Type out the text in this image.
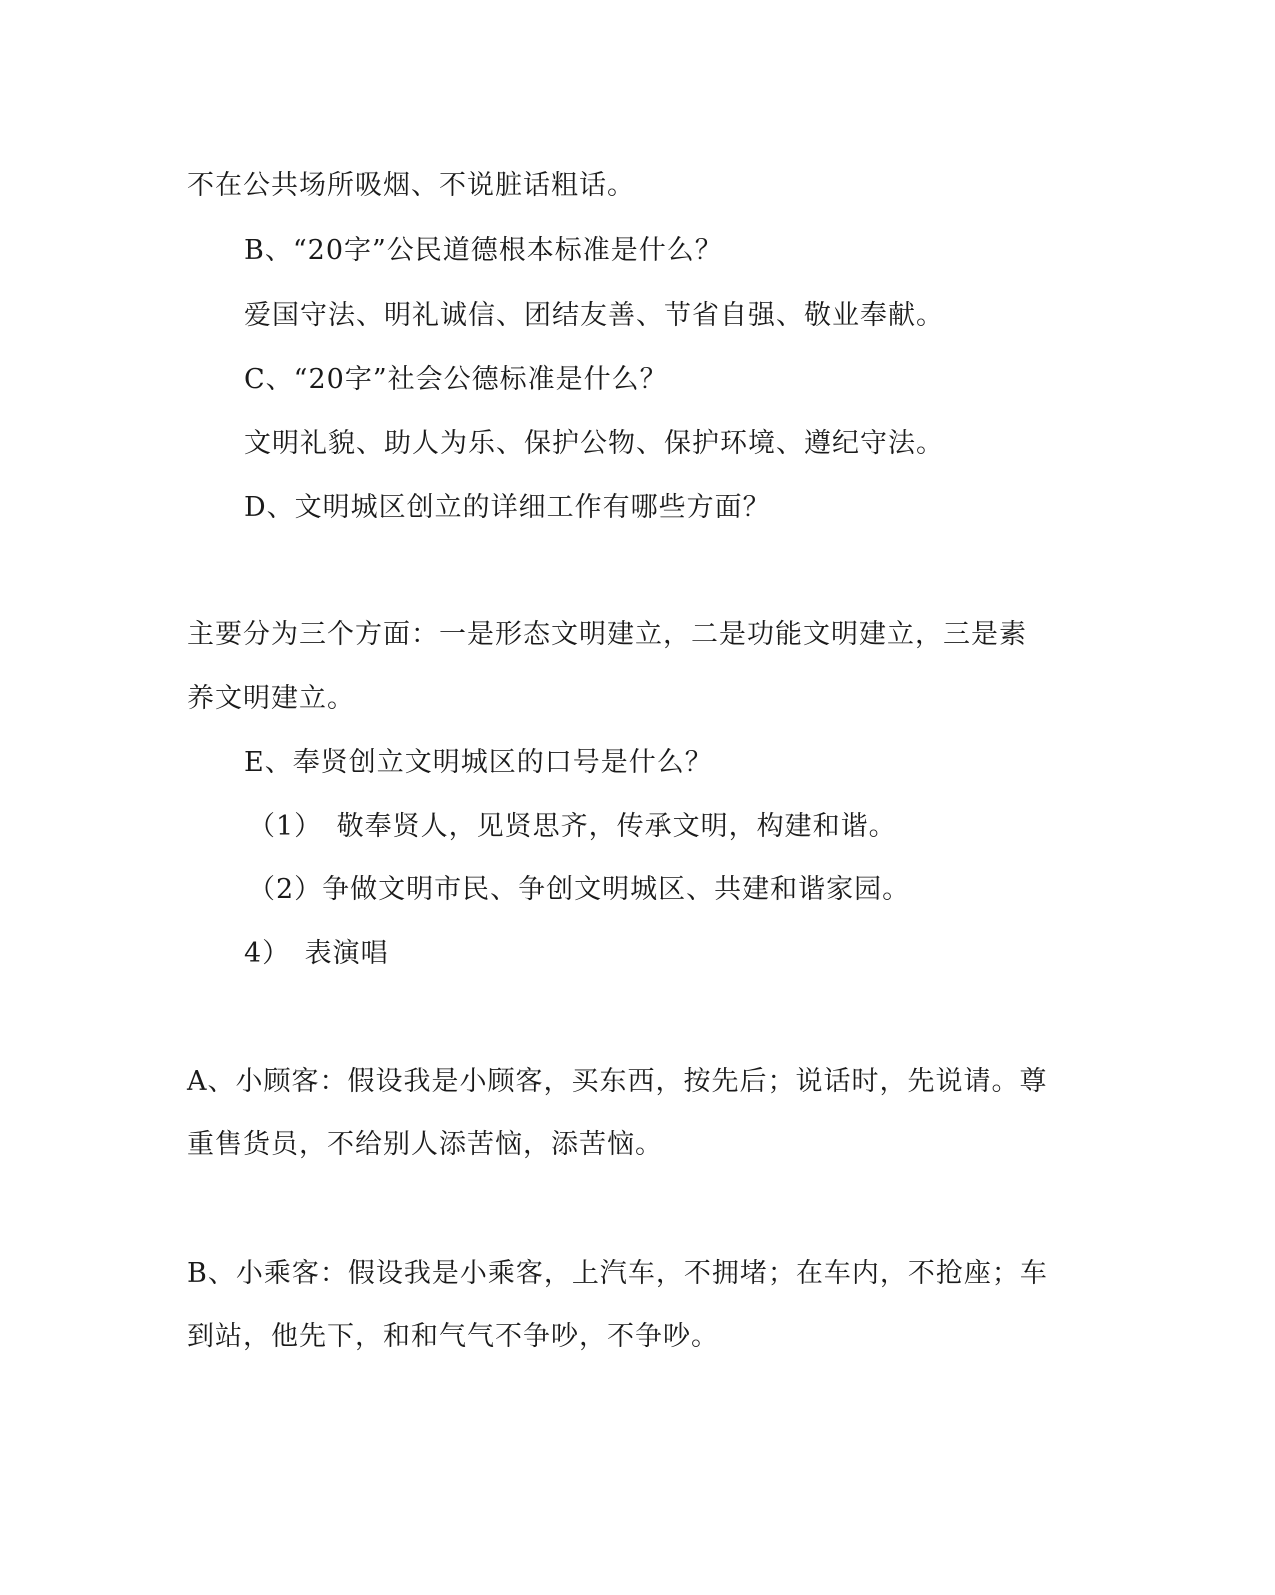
不在公共场所吸烟、不说脏话粗话。
B、“20字”公民道德根本标准是什么？
爱国守法、明礼诚信、团结友善、节省自强、敬业奉献。
C、“20字”社会公德标准是什么？
文明礼貌、助人为乐、保护公物、保护环境、遵纪守法。
D、文明城区创立的详细工作有哪些方面？
主要分为三个方面：一是形态文明建立，二是功能文明建立，三是素
养文明建立。
E、奉贤创立文明城区的口号是什么？
（1）　敬奉贤人，见贤思齐，传承文明，构建和谐。
（2）争做文明市民、争创文明城区、共建和谐家园。
4）　表演唱
A、小顾客：假设我是小顾客，买东西，按先后；说话时，先说请。尊
重售货员，不给别人添苦恼，添苦恼。
B、小乘客：假设我是小乘客，上汽车，不拥堵；在车内，不抢座；车
到站，他先下，和和气气不争吵，不争吵。
